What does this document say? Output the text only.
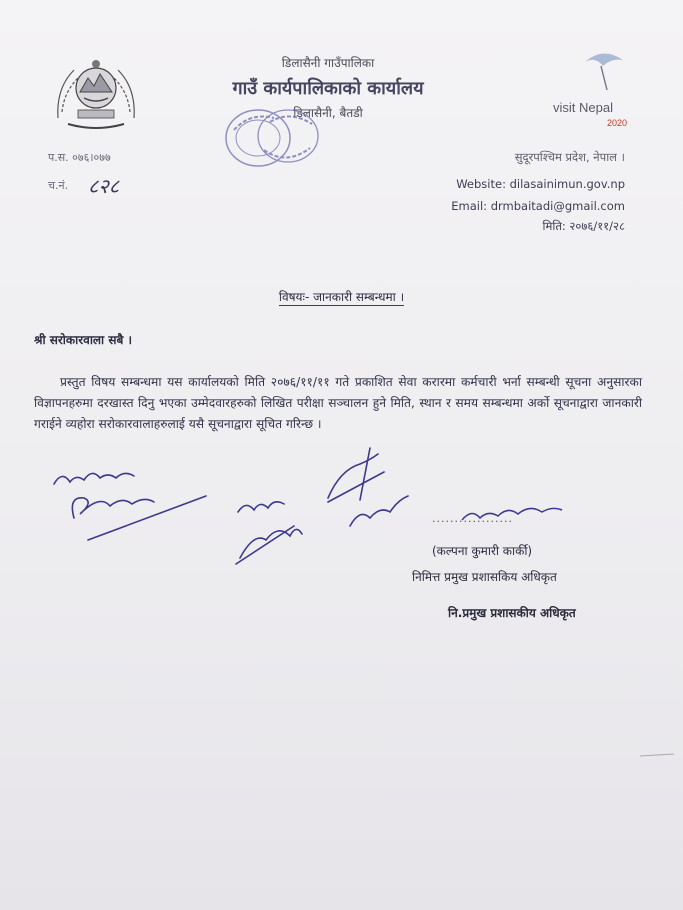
डिलासैनी गाउँपालिका
गाउँ कार्यपालिकाको कार्यालय
डिलासैनी, बैतडी	visit Nepal
2020
प.स. ०७६।०७७
च.नं. ८२८
सुदूरपश्चिम प्रदेश, नेपाल ।
Website: dilasainimun.gov.np
Email: drmbaitadi@gmail.com
मिति: २०७६/११/२८
विषयः- जानकारी सम्बन्धमा ।
श्री सरोकारवाला सबै ।
प्रस्तुत विषय सम्बन्धमा यस कार्यालयको मिति २०७६/११/११ गते प्रकाशित सेवा करारमा कर्मचारी भर्ना सम्बन्धी सूचना अनुसारका विज्ञापनहरुमा दरखास्त दिनु भएका उम्मेदवारहरुको लिखित परीक्षा सञ्चालन हुने मिति, स्थान र समय सम्बन्धमा अर्को सूचनाद्वारा जानकारी गराईने व्यहोरा सरोकारवालाहरुलाई यसै सूचनाद्वारा सूचित गरिन्छ ।
..................
(कल्पना कुमारी कार्की)
निमित्त प्रमुख प्रशासकिय अधिकृत
नि.प्रमुख प्रशासकीय अधिकृत
